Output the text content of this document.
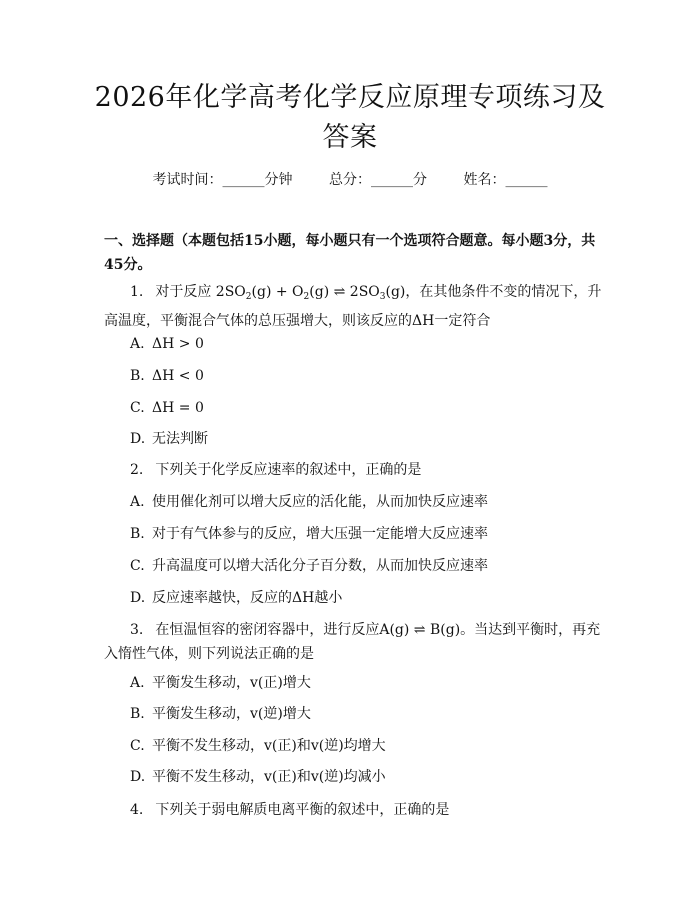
2026年化学高考化学反应原理专项练习及答案
考试时间：______分钟	总分：______分	姓名：______
一、选择题（本题包括15小题，每小题只有一个选项符合题意。每小题3分，共45分。
1. 对于反应 $2SO_2(g) + O_2(g)$ ⇌ $2SO_3(g)$，在其他条件不变的情况下，升高温度，平衡混合气体的总压强增大，则该反应的ΔH一定符合
A. ΔH > 0
B. ΔH < 0
C. ΔH = 0
D. 无法判断
2. 下列关于化学反应速率的叙述中，正确的是
A. 使用催化剂可以增大反应的活化能，从而加快反应速率
B. 对于有气体参与的反应，增大压强一定能增大反应速率
C. 升高温度可以增大活化分子百分数，从而加快反应速率
D. 反应速率越快，反应的ΔH越小
3. 在恒温恒容的密闭容器中，进行反应A(g) ⇌ B(g)。当达到平衡时，再充入惰性气体，则下列说法正确的是
A. 平衡发生移动，v(正)增大
B. 平衡发生移动，v(逆)增大
C. 平衡不发生移动，v(正)和v(逆)均增大
D. 平衡不发生移动，v(正)和v(逆)均减小
4. 下列关于弱电解质电离平衡的叙述中，正确的是
